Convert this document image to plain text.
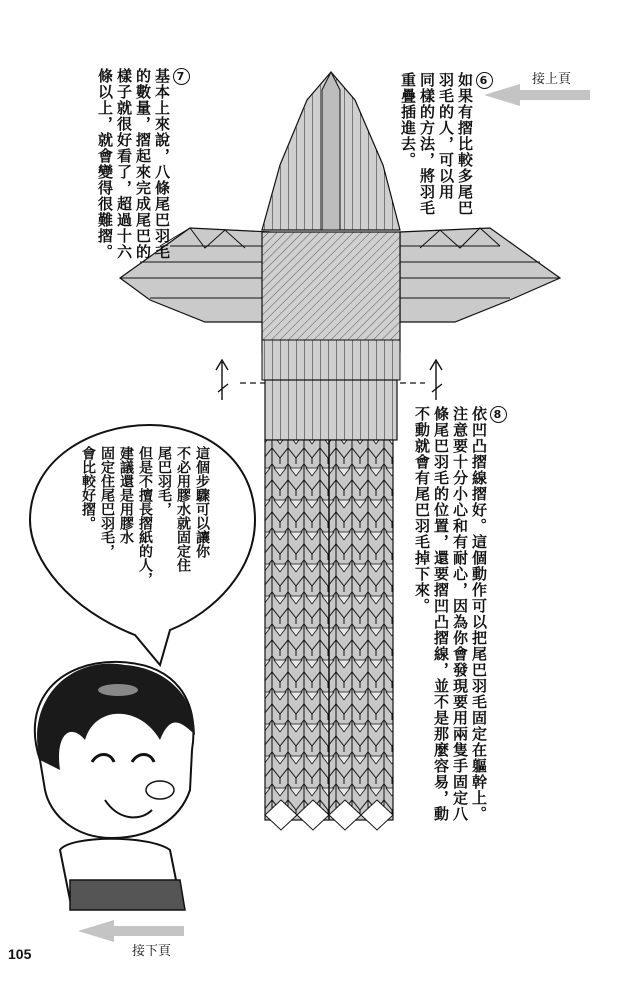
6
如果有摺比較多尾巴
羽毛的人，可以用
同樣的方法，將羽毛
重疊插進去。
7
基本上來說，八條尾巴羽毛
的數量，摺起來完成尾巴的
樣子就很好看了，超過十六
條以上，就會變得很難摺。
8
依凹凸摺線摺好。這個動作可以把尾巴羽毛固定在軀幹上。
注意要十分小心和有耐心，因為你會發現要用兩隻手固定八
條尾巴羽毛的位置，還要摺凹凸摺線，並不是那麼容易，動
不動就會有尾巴羽毛掉下來。
這個步驟可以讓你
不必用膠水就固定住
尾巴羽毛，
但是不擅長摺紙的人，
建議還是用膠水
固定住尾巴羽毛，
會比較好摺。
接上頁
接下頁
105
